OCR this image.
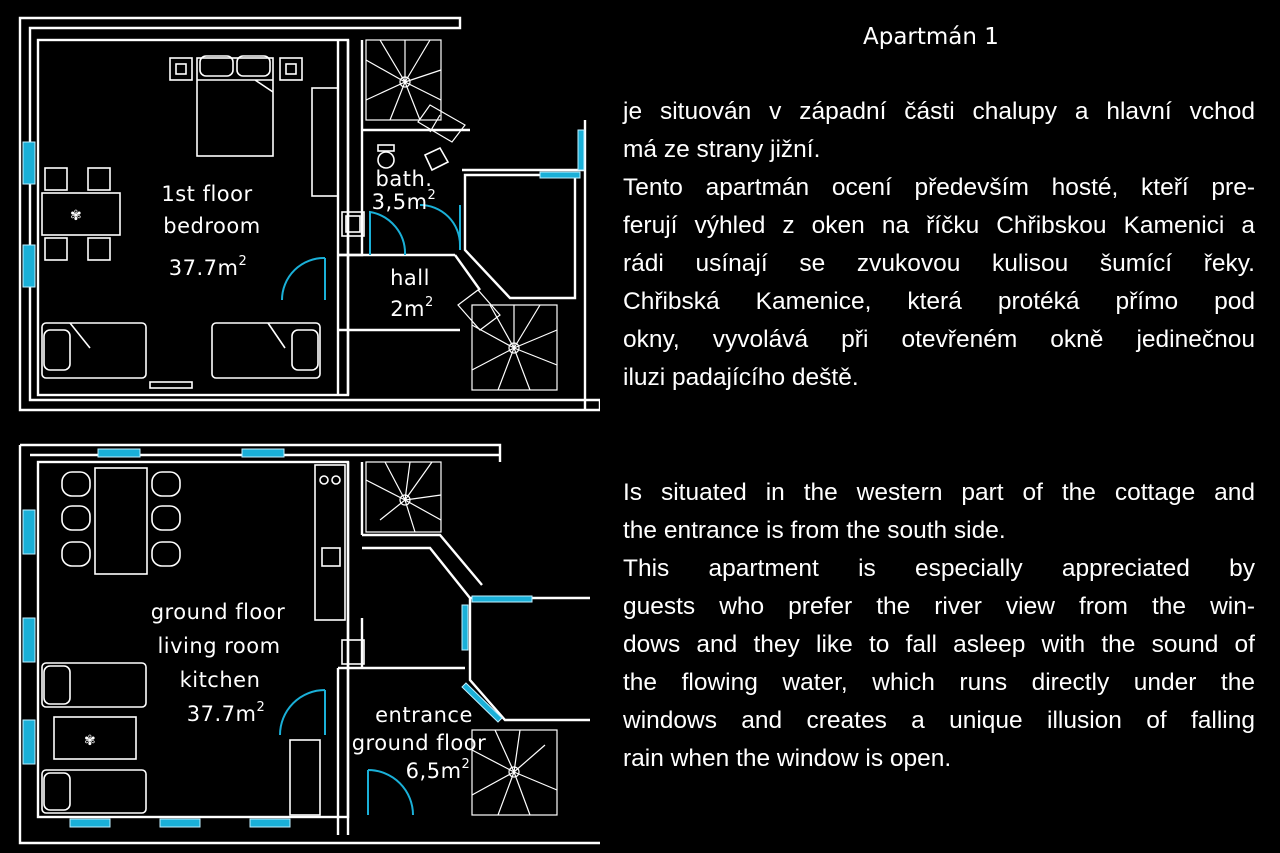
✾
1st floor
bedroom
$37.7m^2$
bath.
$3,5m^2$
hall
$2m^2$
✾
ground floor
living room
kitchen
$37.7m^2$	entrance
ground floor
$6,5m^2$
Apartmán 1

je situován v západní části chalupy a hlavní vchod
má ze strany jižní.
Tento apartmán ocení především hosté, kteří pre-
ferují výhled z oken na říčku Chřibskou Kamenici a
rádi usínají se zvukovou kulisou šumící řeky.
Chřibská Kamenice, která protéká přímo pod
okny, vyvolává při otevřeném okně jedinečnou
iluzi padajícího deště.

Is situated in the western part of the cottage and
the entrance is from the south side.
This apartment is especially appreciated by
guests who prefer the river view from the win-
dows and they like to fall asleep with the sound of
the flowing water, which runs directly under the
windows and creates a unique illusion of falling
rain when the window is open.
